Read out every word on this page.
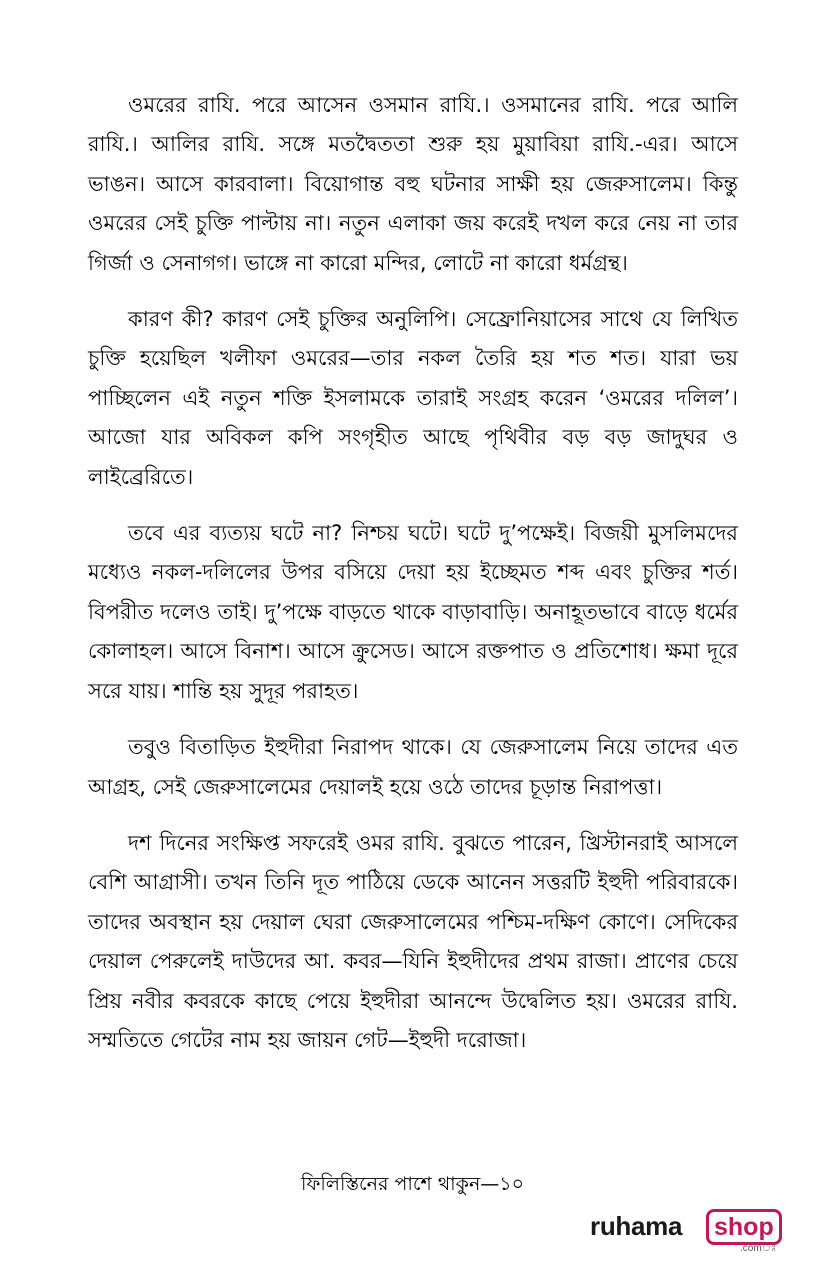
ওমরের রাযি. পরে আসেন ওসমান রাযি.। ওসমানের রাযি. পরে আলি রাযি.। আলির রাযি. সঙ্গে মতদ্বৈততা শুরু হয় মুয়াবিয়া রাযি.-এর। আসে ভাঙন। আসে কারবালা। বিয়োগান্ত বহু ঘটনার সাক্ষী হয় জেরুসালেম। কিন্তু ওমরের সেই চুক্তি পাল্টায় না। নতুন এলাকা জয় করেই দখল করে নেয় না তার গির্জা ও সেনাগগ। ভাঙ্গে না কারো মন্দির, লোটে না কারো ধর্মগ্রন্থ।

কারণ কী? কারণ সেই চুক্তির অনুলিপি। সেফ্রোনিয়াসের সাথে যে লিখিত চুক্তি হয়েছিল খলীফা ওমরের—তার নকল তৈরি হয় শত শত। যারা ভয় পাচ্ছিলেন এই নতুন শক্তি ইসলামকে তারাই সংগ্রহ করেন ‘ওমরের দলিল’। আজো যার অবিকল কপি সংগৃহীত আছে পৃথিবীর বড় বড় জাদুঘর ও লাইব্রেরিতে।

তবে এর ব্যত্যয় ঘটে না? নিশ্চয় ঘটে। ঘটে দু’পক্ষেই। বিজয়ী মুসলিমদের মধ্যেও নকল-দলিলের উপর বসিয়ে দেয়া হয় ইচ্ছেমত শব্দ এবং চুক্তির শর্ত। বিপরীত দলেও তাই। দু’পক্ষে বাড়তে থাকে বাড়াবাড়ি। অনাহূতভাবে বাড়ে ধর্মের কোলাহল। আসে বিনাশ। আসে ক্রুসেড। আসে রক্তপাত ও প্রতিশোধ। ক্ষমা দূরে সরে যায়। শান্তি হয় সুদূর পরাহত।

তবুও বিতাড়িত ইহুদীরা নিরাপদ থাকে। যে জেরুসালেম নিয়ে তাদের এত আগ্রহ, সেই জেরুসালেমের দেয়ালই হয়ে ওঠে তাদের চূড়ান্ত নিরাপত্তা।

দশ দিনের সংক্ষিপ্ত সফরেই ওমর রাযি. বুঝতে পারেন, খ্রিস্টানরাই আসলে বেশি আগ্রাসী। তখন তিনি দূত পাঠিয়ে ডেকে আনেন সত্তরটি ইহুদী পরিবারকে। তাদের অবস্থান হয় দেয়াল ঘেরা জেরুসালেমের পশ্চিম-দক্ষিণ কোণে। সেদিকের দেয়াল পেরুলেই দাউদের আ. কবর—যিনি ইহুদীদের প্রথম রাজা। প্রাণের চেয়ে প্রিয় নবীর কবরকে কাছে পেয়ে ইহুদীরা আনন্দে উদ্বেলিত হয়। ওমরের রাযি. সম্মতিতে গেটের নাম হয় জায়ন গেট—ইহুদী দরোজা।

ফিলিস্তিনের পাশে থাকুন—১০
ruhama	shop
.comঃ
